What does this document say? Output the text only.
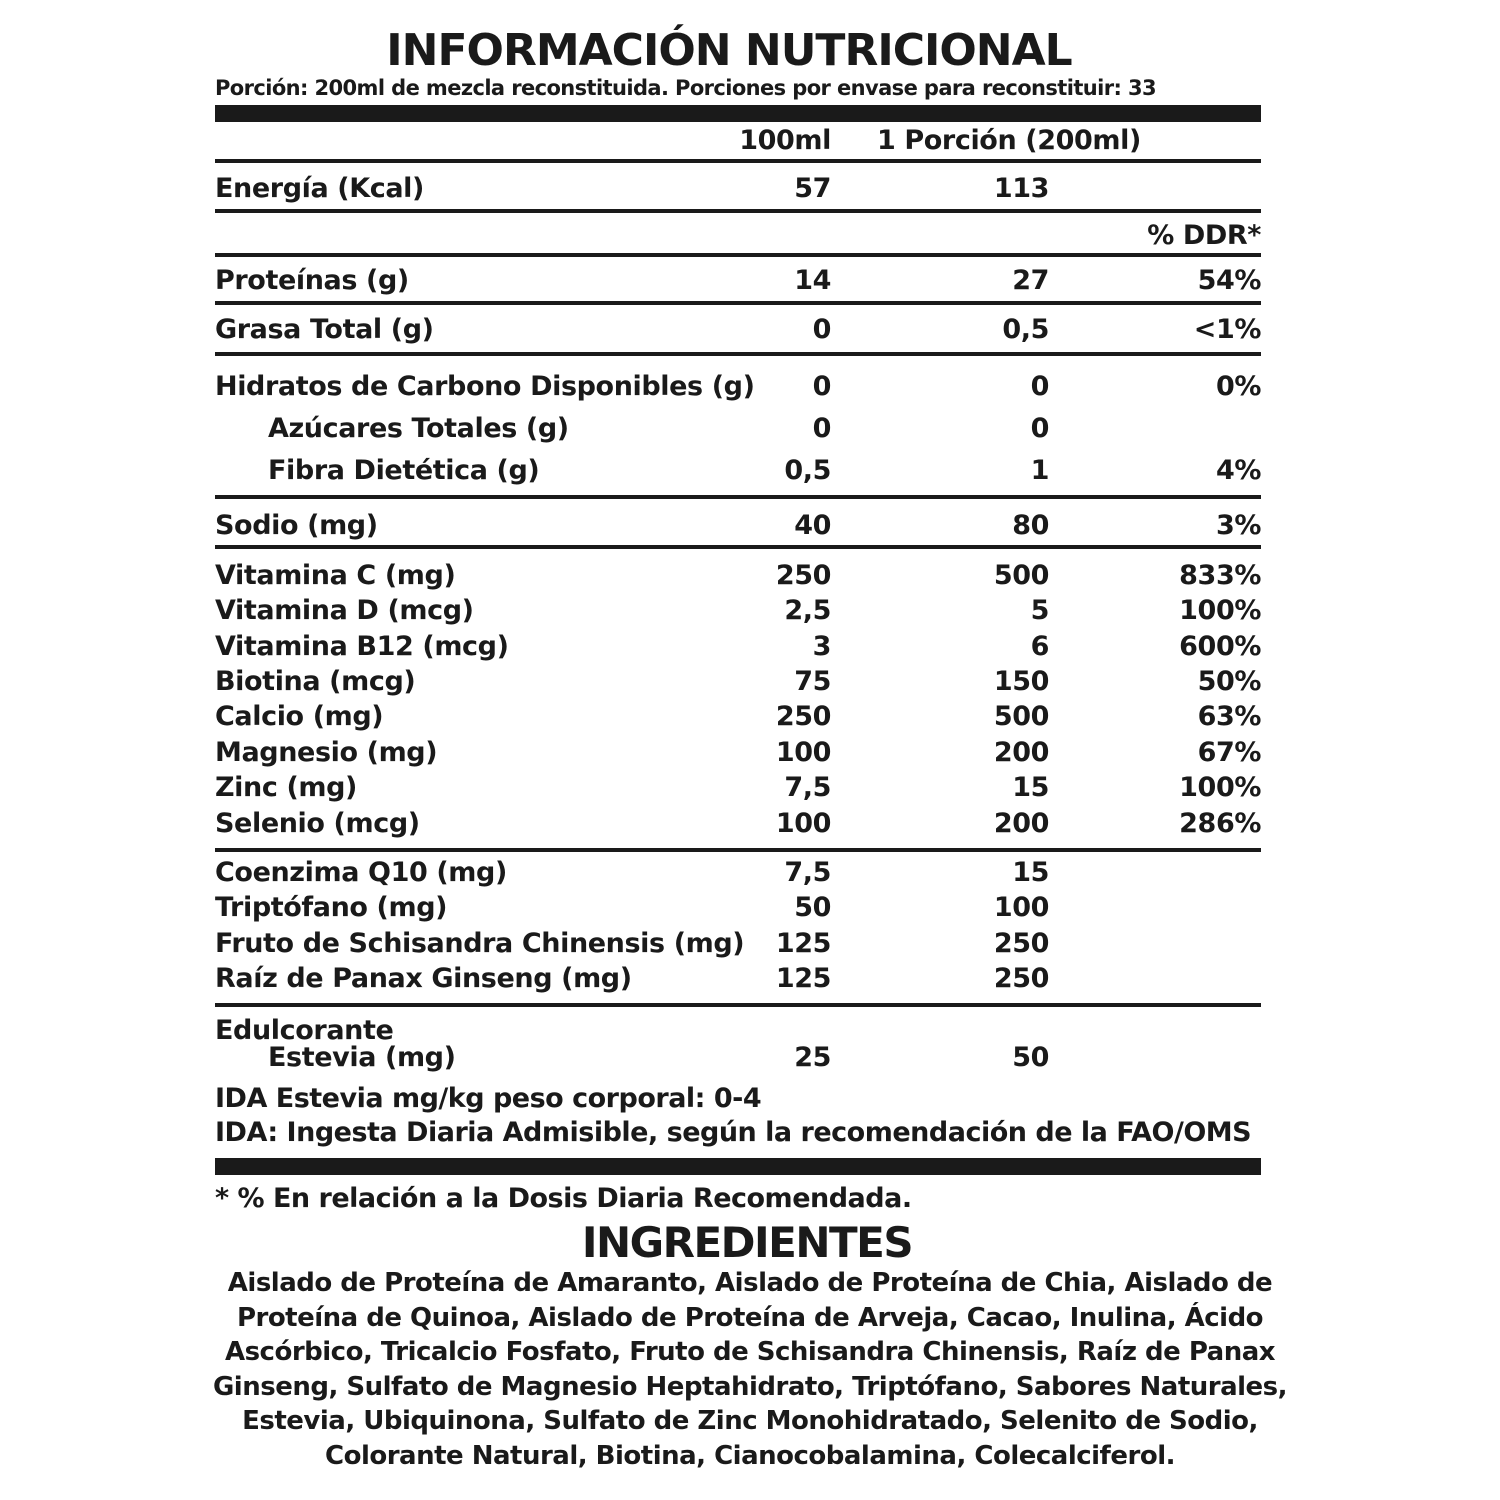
INFORMACIÓN NUTRICIONAL
Porción: 200ml de mezcla reconstituida. Porciones por envase para reconstituir: 33
100ml 1 Porción (200ml)
Energía (Kcal)	57	113
% DDR*
Proteínas (g)	14	27	54%
Grasa Total (g)	0	0,5	<1%
Hidratos de Carbono Disponibles (g) 0	0	0%
Azúcares Totales (g)	0	0
Fibra Dietética (g)	0,5	1	4%
Sodio (mg)	40	80	3%
Vitamina C (mg)	250	500	833%
Vitamina D (mcg)	2,5	5	100%
Vitamina B12 (mcg)	3	6	600%
Biotina (mcg)	75	150	50%
Calcio (mg)	250	500	63%
Magnesio (mg)	100	200	67%
Zinc (mg)	7,5	15	100%
Selenio (mcg)	100	200	286%
Coenzima Q10 (mg)	7,5	15
Triptófano (mg)	50	100
Fruto de Schisandra Chinensis (mg) 125	250
Raíz de Panax Ginseng (mg)	125	250
Edulcorante
Estevia (mg)	25	50
IDA Estevia mg/kg peso corporal: 0-4
IDA: Ingesta Diaria Admisible, según la recomendación de la FAO/OMS
* % En relación a la Dosis Diaria Recomendada.
INGREDIENTES
Aislado de Proteína de Amaranto, Aislado de Proteína de Chia, Aislado de Proteína de Quinoa, Aislado de Proteína de Arveja, Cacao, Inulina, Ácido Ascórbico, Tricalcio Fosfato, Fruto de Schisandra Chinensis, Raíz de Panax Ginseng, Sulfato de Magnesio Heptahidrato, Triptófano, Sabores Naturales, Estevia, Ubiquinona, Sulfato de Zinc Monohidratado, Selenito de Sodio, Colorante Natural, Biotina, Cianocobalamina, Colecalciferol.
